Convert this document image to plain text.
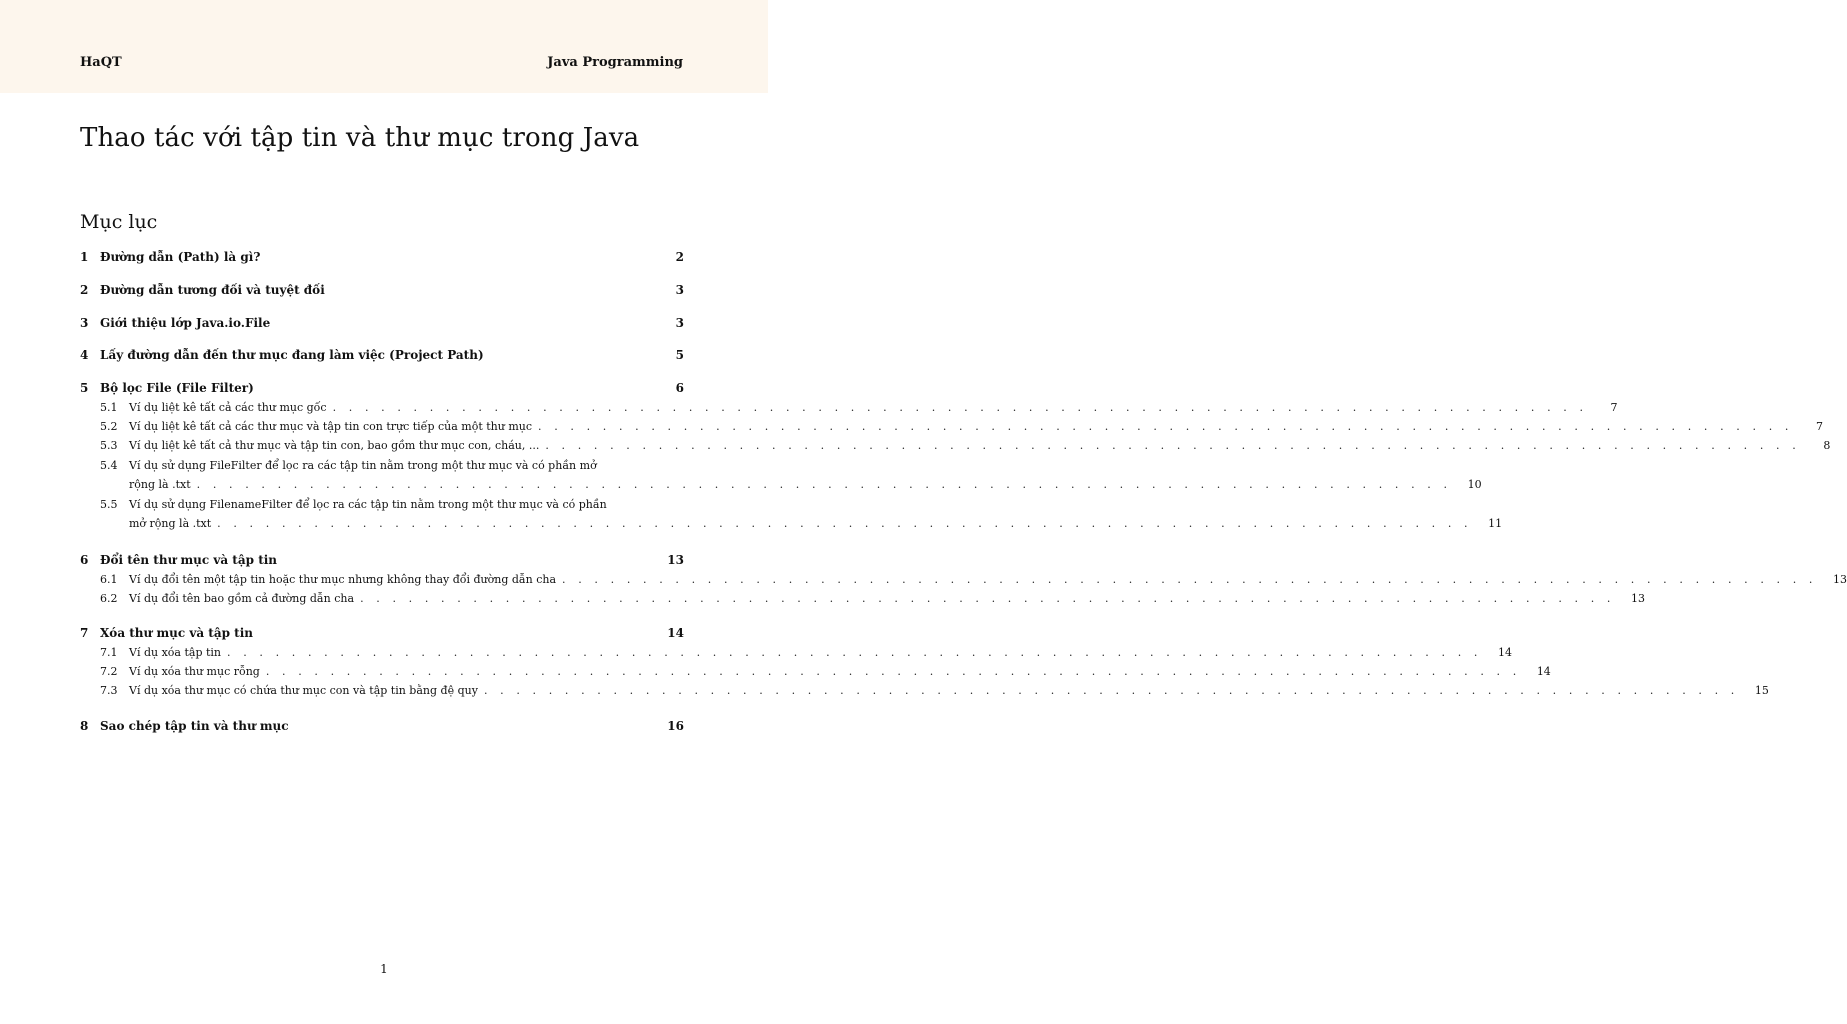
HaQT	Java Programming
Thao tác với tập tin và thư mục trong Java
Mục lục
1 Đường dẫn (Path) là gì?	2
2 Đường dẫn tương đối và tuyệt đối	3
3 Giới thiệu lớp Java.io.File	3
4 Lấy đường dẫn đến thư mục đang làm việc (Project Path)	5
5 Bộ lọc File (File Filter)	6
5.1	Ví dụ liệt kê tất cả các thư mục gốc . . . . . . . . . . . . . . . . . . . . . . . . . . . . . . . . . . . . . . . . . . . . . . . . . . . . . . . . . . . . . . . . . . . . . . . . . . . . . .	7
5.2	Ví dụ liệt kê tất cả các thư mục và tập tin con trực tiếp của một thư mục . . . . . . . . . . . . . . . . . . . . . . . . . . . . . . . . . . . . . . . . . . . . . . . . . . . . . . . . . . . . . . . . . . . . . . . . . . . . . .	7
5.3	Ví dụ liệt kê tất cả thư mục và tập tin con, bao gồm thư mục con, cháu, ... . . . . . . . . . . . . . . . . . . . . . . . . . . . . . . . . . . . . . . . . . . . . . . . . . . . . . . . . . . . . . . . . . . . . . . . . . . . . . .	8
5.4	Ví dụ sử dụng FileFilter để lọc ra các tập tin nằm trong một thư mục và có phần mở
rộng là .txt . . . . . . . . . . . . . . . . . . . . . . . . . . . . . . . . . . . . . . . . . . . . . . . . . . . . . . . . . . . . . . . . . . . . . . . . . . . . . .	10
5.5	Ví dụ sử dụng FilenameFilter để lọc ra các tập tin nằm trong một thư mục và có phần
mở rộng là .txt . . . . . . . . . . . . . . . . . . . . . . . . . . . . . . . . . . . . . . . . . . . . . . . . . . . . . . . . . . . . . . . . . . . . . . . . . . . . . .	11
6 Đổi tên thư mục và tập tin	13
6.1	Ví dụ đổi tên một tập tin hoặc thư mục nhưng không thay đổi đường dẫn cha . . . . . . . . . . . . . . . . . . . . . . . . . . . . . . . . . . . . . . . . . . . . . . . . . . . . . . . . . . . . . . . . . . . . . . . . . . . . . .	13
6.2	Ví dụ đổi tên bao gồm cả đường dẫn cha . . . . . . . . . . . . . . . . . . . . . . . . . . . . . . . . . . . . . . . . . . . . . . . . . . . . . . . . . . . . . . . . . . . . . . . . . . . . . .	13
7 Xóa thư mục và tập tin	14
7.1	Ví dụ xóa tập tin . . . . . . . . . . . . . . . . . . . . . . . . . . . . . . . . . . . . . . . . . . . . . . . . . . . . . . . . . . . . . . . . . . . . . . . . . . . . . .	14
7.2	Ví dụ xóa thư mục rỗng . . . . . . . . . . . . . . . . . . . . . . . . . . . . . . . . . . . . . . . . . . . . . . . . . . . . . . . . . . . . . . . . . . . . . . . . . . . . . .	14
7.3	Ví dụ xóa thư mục có chứa thư mục con và tập tin bằng đệ quy . . . . . . . . . . . . . . . . . . . . . . . . . . . . . . . . . . . . . . . . . . . . . . . . . . . . . . . . . . . . . . . . . . . . . . . . . . . . . .	15
8 Sao chép tập tin và thư mục	16
1
